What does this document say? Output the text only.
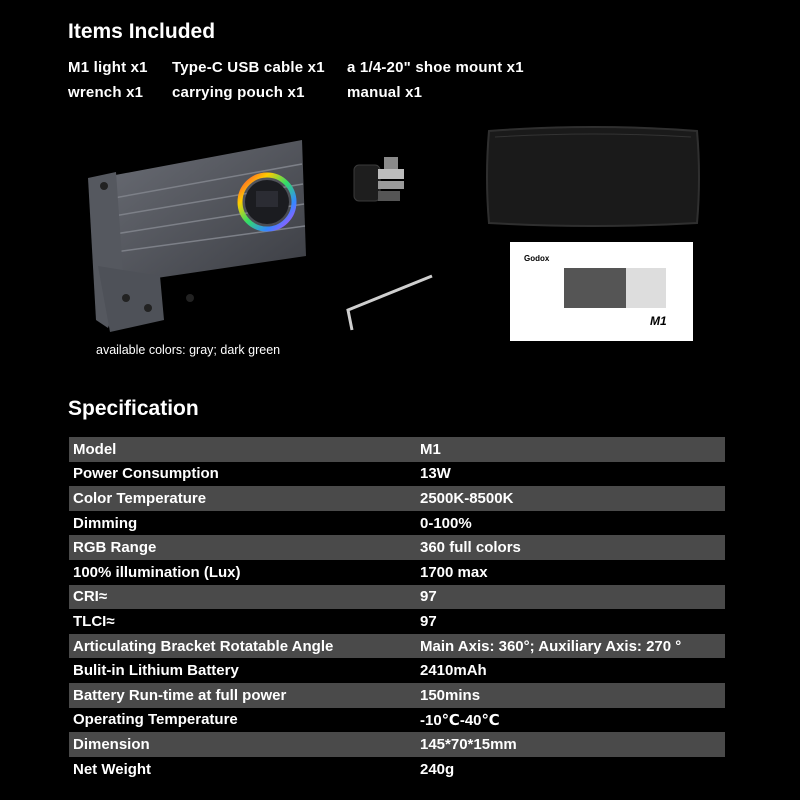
Items Included
M1 light x1 Type-C USB cable x1 a 1/4-20" shoe mount x1
wrench x1 carrying pouch x1	manual x1
Godox
M1
available colors: gray; dark green
Specification
Model	M1
Power Consumption	13W
Color Temperature	2500K-8500K
Dimming	0-100%
RGB Range	360 full colors
100% illumination (Lux)	1700 max
CRI≈	97
TLCI≈	97
Articulating Bracket Rotatable Angle	Main Axis: 360°; Auxiliary Axis: 270 °
Bulit-in Lithium Battery	2410mAh
Battery Run-time at full power	150mins
Operating Temperature	-10℃-40℃
Dimension	145*70*15mm
Net Weight	240g
